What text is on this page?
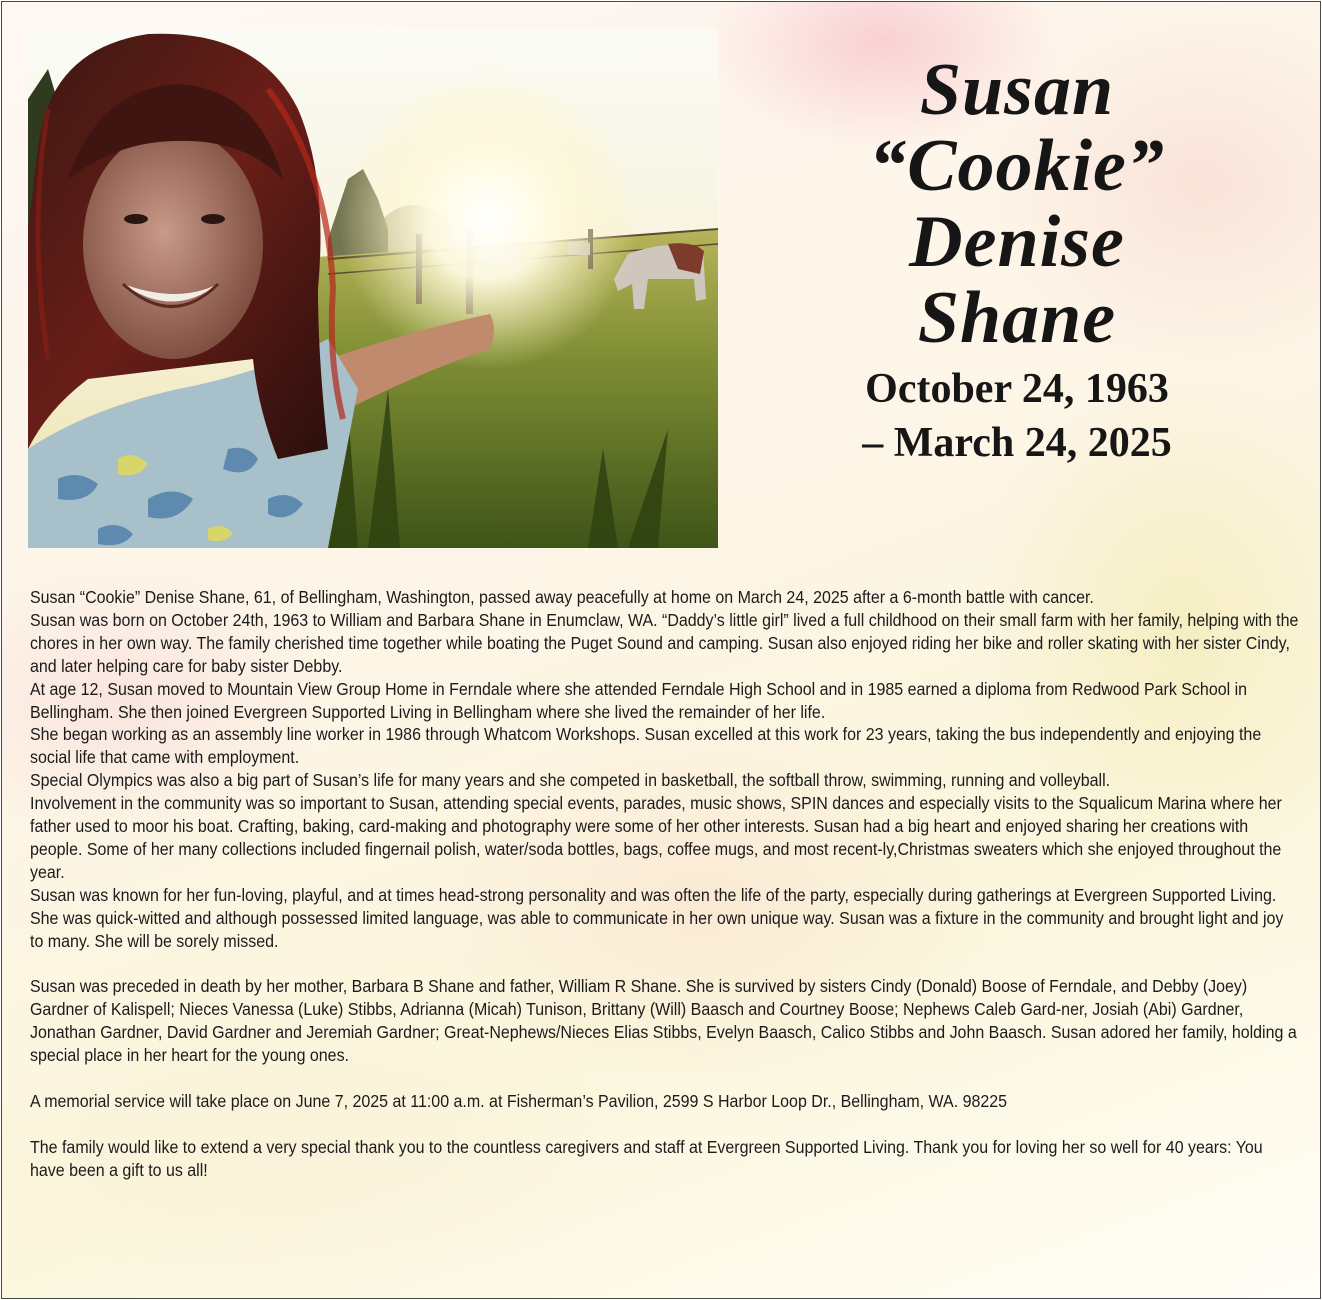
Susan
“Cookie”
Denise
Shane
October 24, 1963
– March 24, 2025

Susan “Cookie” Denise Shane, 61, of Bellingham, Washington, passed away peacefully at home on March 24, 2025 after a 6-month battle with cancer.

Susan was born on October 24th, 1963 to William and Barbara Shane in Enumclaw, WA. “Daddy’s little girl” lived a full childhood on their small farm with her family, helping with the chores in her own way. The family cherished time together while boating the Puget Sound and camping. Susan also enjoyed riding her bike and roller skating with her sister Cindy, and later helping care for baby sister Debby.

At age 12, Susan moved to Mountain View Group Home in Ferndale where she attended Ferndale High School and in 1985 earned a diploma from Redwood Park School in Bellingham. She then joined Evergreen Supported Living in Bellingham where she lived the remainder of her life.

She began working as an assembly line worker in 1986 through Whatcom Workshops. Susan excelled at this work for 23 years, taking the bus independently and enjoying the social life that came with employment.

Special Olympics was also a big part of Susan’s life for many years and she competed in basketball, the softball throw, swimming, running and volleyball.

Involvement in the community was so important to Susan, attending special events, parades, music shows, SPIN dances and especially visits to the Squalicum Marina where her father used to moor his boat. Crafting, baking, card-making and photography were some of her other interests. Susan had a big heart and enjoyed sharing her creations with people. Some of her many collections included fingernail polish, water/soda bottles, bags, coffee mugs, and most recent-ly,Christmas sweaters which she enjoyed throughout the year.

Susan was known for her fun-loving, playful, and at times head-strong personality and was often the life of the party, especially during gatherings at Evergreen Supported Living. She was quick-witted and although possessed limited language, was able to communicate in her own unique way. Susan was a fixture in the community and brought light and joy to many. She will be sorely missed.

Susan was preceded in death by her mother, Barbara B Shane and father, William R Shane. She is survived by sisters Cindy (Donald) Boose of Ferndale, and Debby (Joey) Gardner of Kalispell; Nieces Vanessa (Luke) Stibbs, Adrianna (Micah) Tunison, Brittany (Will) Baasch and Courtney Boose; Nephews Caleb Gard-ner, Josiah (Abi) Gardner, Jonathan Gardner, David Gardner and Jeremiah Gardner; Great-Nephews/Nieces Elias Stibbs, Evelyn Baasch, Calico Stibbs and John Baasch. Susan adored her family, holding a special place in her heart for the young ones.

A memorial service will take place on June 7, 2025 at 11:00 a.m. at Fisherman’s Pavilion, 2599 S Harbor Loop Dr., Bellingham, WA. 98225

The family would like to extend a very special thank you to the countless caregivers and staff at Evergreen Supported Living. Thank you for loving her so well for 40 years: You have been a gift to us all!
